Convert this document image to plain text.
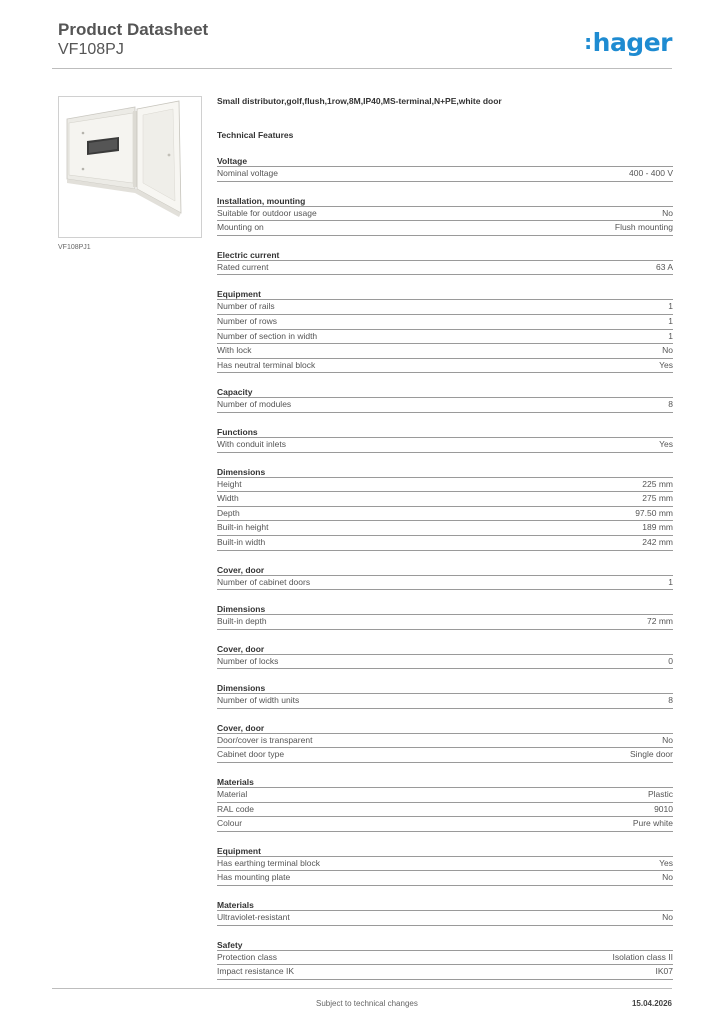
Product Datasheet
VF108PJ	:hager
VF108PJ1
Small distributor,golf,flush,1row,8M,IP40,MS-terminal,N+PE,white door
Technical Features
Voltage
Nominal voltage	400 - 400 V
Installation, mounting
Suitable for outdoor usage	No
Mounting on	Flush mounting
Electric current
Rated current	63 A
Equipment
Number of rails	1
Number of rows	1
Number of section in width	1
With lock	No
Has neutral terminal block	Yes
Capacity
Number of modules	8
Functions
With conduit inlets	Yes
Dimensions
Height	225 mm
Width	275 mm
Depth	97.50 mm
Built-in height	189 mm
Built-in width	242 mm
Cover, door
Number of cabinet doors	1
Dimensions
Built-in depth	72 mm
Cover, door
Number of locks	0
Dimensions
Number of width units	8
Cover, door
Door/cover is transparent	No
Cabinet door type	Single door
Materials
Material	Plastic
RAL code	9010
Colour	Pure white
Equipment
Has earthing terminal block	Yes
Has mounting plate	No
Materials
Ultraviolet-resistant	No
Safety
Protection class	Isolation class II
Impact resistance IK	IK07
Subject to technical changes	15.04.2026
